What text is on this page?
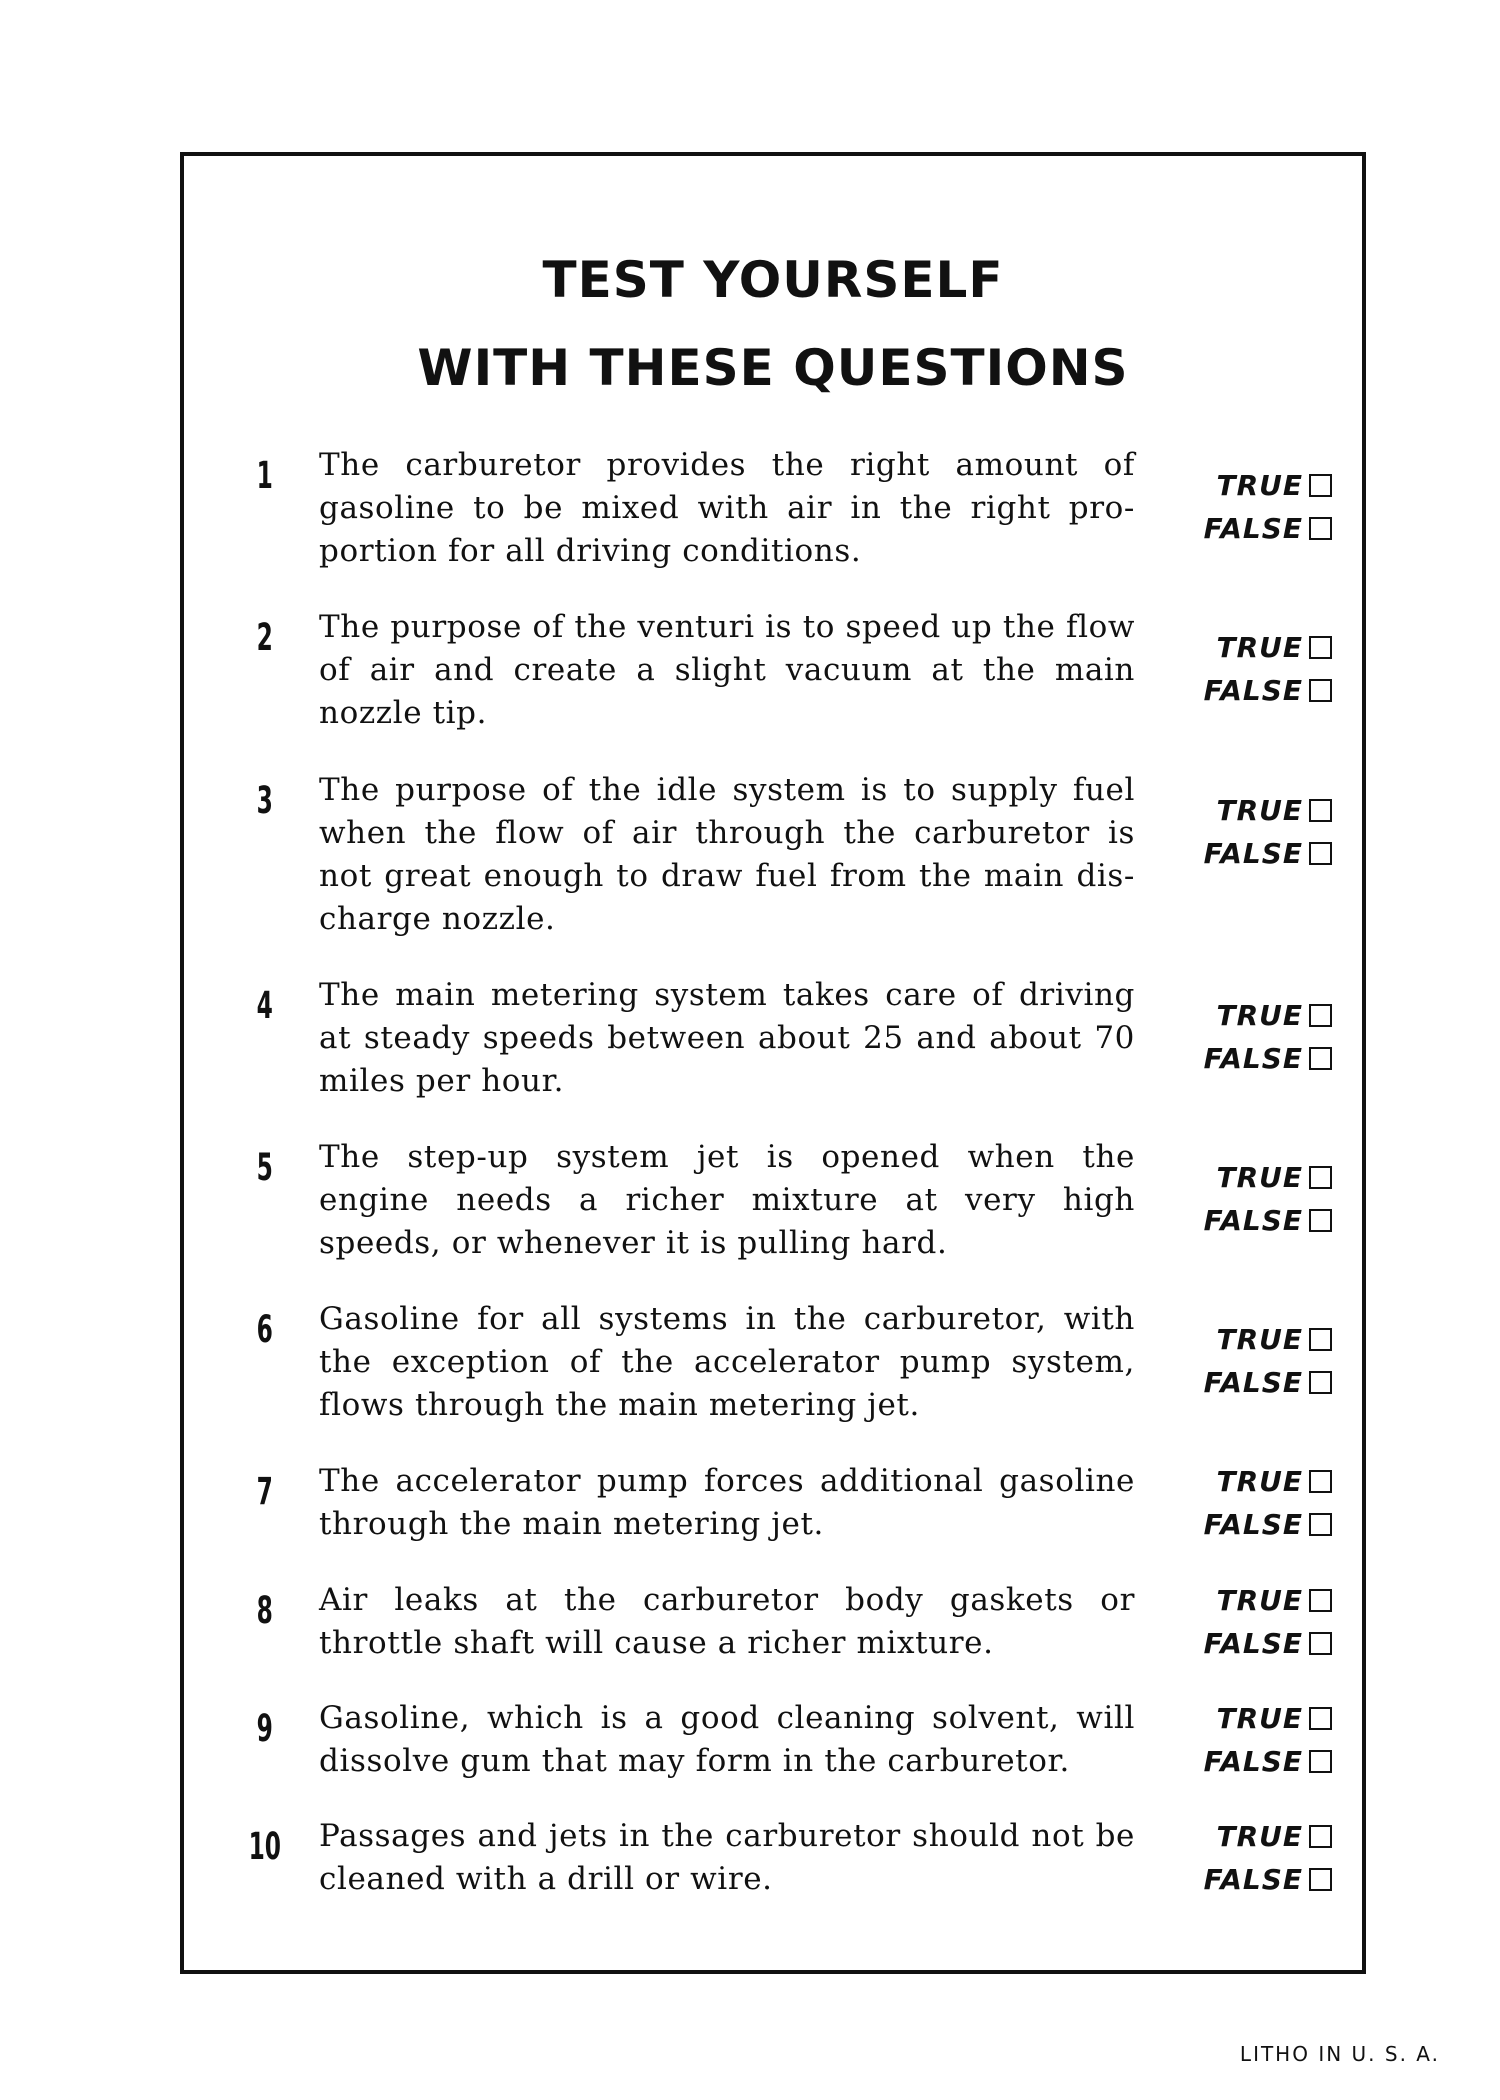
TEST YOURSELF
WITH THESE QUESTIONS
1 The carburetor provides the right amount of gasoline to be mixed with air in the right pro-portion for all driving conditions.

TRUE
FALSE
2 The purpose of the venturi is to speed up the flow of air and create a slight vacuum at the main nozzle tip.

TRUE
FALSE
3 The purpose of the idle system is to supply fuel when the flow of air through the carburetor is not great enough to draw fuel from the main dis-charge nozzle.

TRUE
FALSE
4 The main metering system takes care of driving at steady speeds between about 25 and about 70 miles per hour.

TRUE
FALSE
5 The step-up system jet is opened when the engine needs a richer mixture at very high speeds, or whenever it is pulling hard.

TRUE
FALSE
6 Gasoline for all systems in the carburetor, with the exception of the accelerator pump system, flows through the main metering jet.

TRUE
FALSE
7 The accelerator pump forces additional gasoline through the main metering jet.

TRUE
FALSE
8 Air leaks at the carburetor body gaskets or throttle shaft will cause a richer mixture.

TRUE
FALSE
9 Gasoline, which is a good cleaning solvent, will dissolve gum that may form in the carburetor.

TRUE
FALSE
10 Passages and jets in the carburetor should not be cleaned with a drill or wire.

TRUE
FALSE
LITHO IN U. S. A.
